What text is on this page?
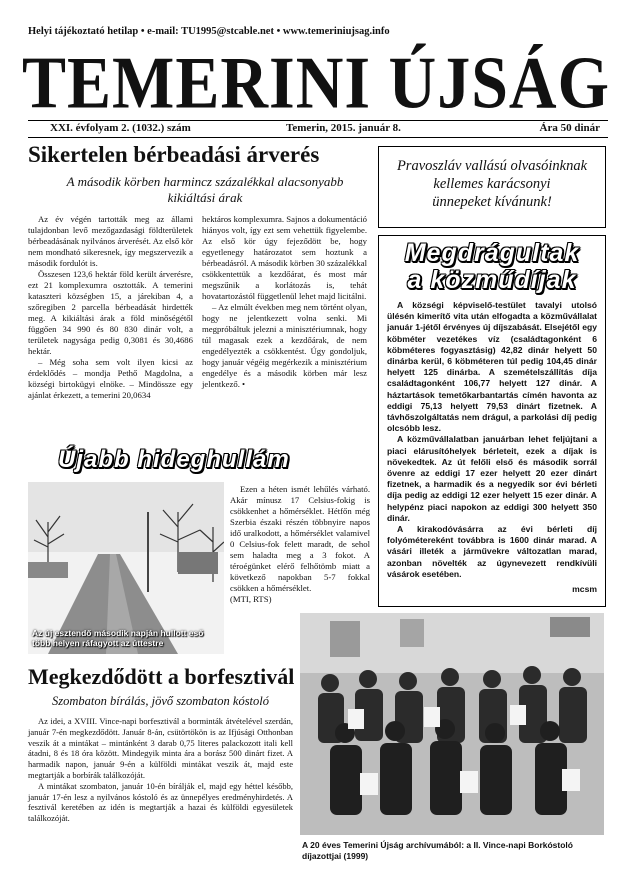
Helyi tájékoztató hetilap • e-mail: TU1995@stcable.net • www.temeriniujsag.info
TEMERINI ÚJSÁG
XXI. évfolyam 2. (1032.) szám	Temerin, 2015. január 8.	Ára 50 dinár
Sikertelen bérbeadási árverés
A második körben harmincz százalékkal alacsonyabb kikiáltási árak

Az év végén tartották meg az állami tulajdonban levő mezőgazdasági földterületek bérbeadásának nyilvános árverését. Az első kör nem mondható sikeresnek, így megszervezik a második fordulót is.

Összesen 123,6 hektár föld került árverésre, ezt 21 komplexumra osztották. A temerini kataszteri községben 15, a járekiban 4, a szőregiben 2 parcella bérbeadását hirdették meg. A kikiáltási árak a föld minőségétől függően 34 990 és 80 830 dinár volt, a területek nagysága pedig 0,3081 és 30,4686 hektár.

– Még soha sem volt ilyen kicsi az érdeklődés – mondja Pethő Magdolna, a községi birtokügyi elnöke. – Mindössze egy ajánlat érkezett, a temerini 20,0634

hektáros komplexumra. Sajnos a dokumentáció hiányos volt, így ezt sem vehettük figyelembe. Az első kör úgy fejeződött be, hogy egyetlenegy határozatot sem hoztunk a bérbeadásról. A második körben 30 százalékkal csökkentettük a kezdőárat, és most már megszűnik a korlátozás is, tehát hovatartozástól függetlenül lehet majd licitálni.

– Az elmúlt években meg nem történt olyan, hogy ne jelentkezett volna senki. Mi megpróbáltuk jelezni a minisztériumnak, hogy túl magasak ezek a kezdőárak, de nem engedélyezték a csökkentést. Úgy gondoljuk, hogy január végéig megérkezik a minisztérium engedélye és a második körben már lesz jelentkező. •

Pravoszláv vallású olvasóinknak
kellemes karácsonyi
ünnepeket kívánunk!
Megdrágultak
a közműdíjak

A községi képviselő-testület tavalyi utolsó ülésén kimerítő vita után elfogadta a közművállalat január 1-jétől érvényes új díjszabását. Elsejétől egy köbméter vezetékes víz (családtagonként 6 köbméteres fogyasztásig) 42,82 dinár helyett 50 dinárba kerül, 6 köbméteren túl pedig 104,45 dinár helyett 125 dinárba. A szemételszállítás díja családtagonként 106,77 helyett 127 dinár. A háztartások temetőkarbantartás címén havonta az eddigi 75,13 helyett 79,53 dinárt fizetnek. A távhőszolgáltatás nem drágul, a parkolási díj pedig olcsóbb lesz.

A közművállalatban januárban lehet feljújtani a piaci elárusítóhelyek bérleteit, ezek a díjak is növekedtek. Az út felőli első és második sorrál övenre az eddigi 17 ezer helyett 20 ezer dinárt fizetnek, a harmadik és a negyedik sor évi bérleti díja pedig az eddigi 12 ezer helyett 15 ezer dinár. A helypénz piaci napokon az eddigi 300 helyett 350 dinár.

A kirakodóvásárra az évi bérleti díj folyómétereként továbbra is 1600 dinár marad. A vásári illeték a járművekre változatlan marad, azonban növelték az úgynevezett rendkívüli vásárok esetében.

mcsm
Újabb hideghullám
Az új esztendő második napján hullott eső több helyen ráfagyott az úttestre

Ezen a héten ismét lehűlés várható. Akár mínusz 17 Celsius-fokig is csökkenhet a hőmérséklet. Hétfőn még Szerbia északi részén többnyire napos idő uralkodott, a hőmérséklet valamivel 0 Celsius-fok felett maradt, de sehol sem haladta meg a 3 fokot. A téroégünket elérő felhőtömb miatt a következő napokban 5-7 fokkal csökken a hőmérséklet.

(MTI, RTS)

Megkezdődött a borfesztivál
Szombaton bírálás, jövő szombaton kóstoló

Az idei, a XVIII. Vince-napi borfesztivál a borminták átvételével szerdán, január 7-én megkezdődött. Január 8-án, csütörtökön is az Ifjúsági Otthonban veszik át a mintákat – mintánként 3 darab 0,75 literes palackozott itali kell átadni, 8 és 18 óra között. Mindegyik minta ára a borász 500 dinárt fizet. A harmadik napon, január 9-én a külföldi mintákat veszik át, majd este megtartják a borbírák találkozóját.

A mintákat szombaton, január 10-én bírálják el, majd egy héttel később, január 17-én lesz a nyilvános kóstoló és az ünnepélyes eredményhirdetés. A fesztivál keretében az idén is megtartják a hazai és külföldi egyesületek találkozóját.

A 20 éves Temerini Újság archívumából: a II. Vince-napi Borkóstoló díjazottjai (1999)
